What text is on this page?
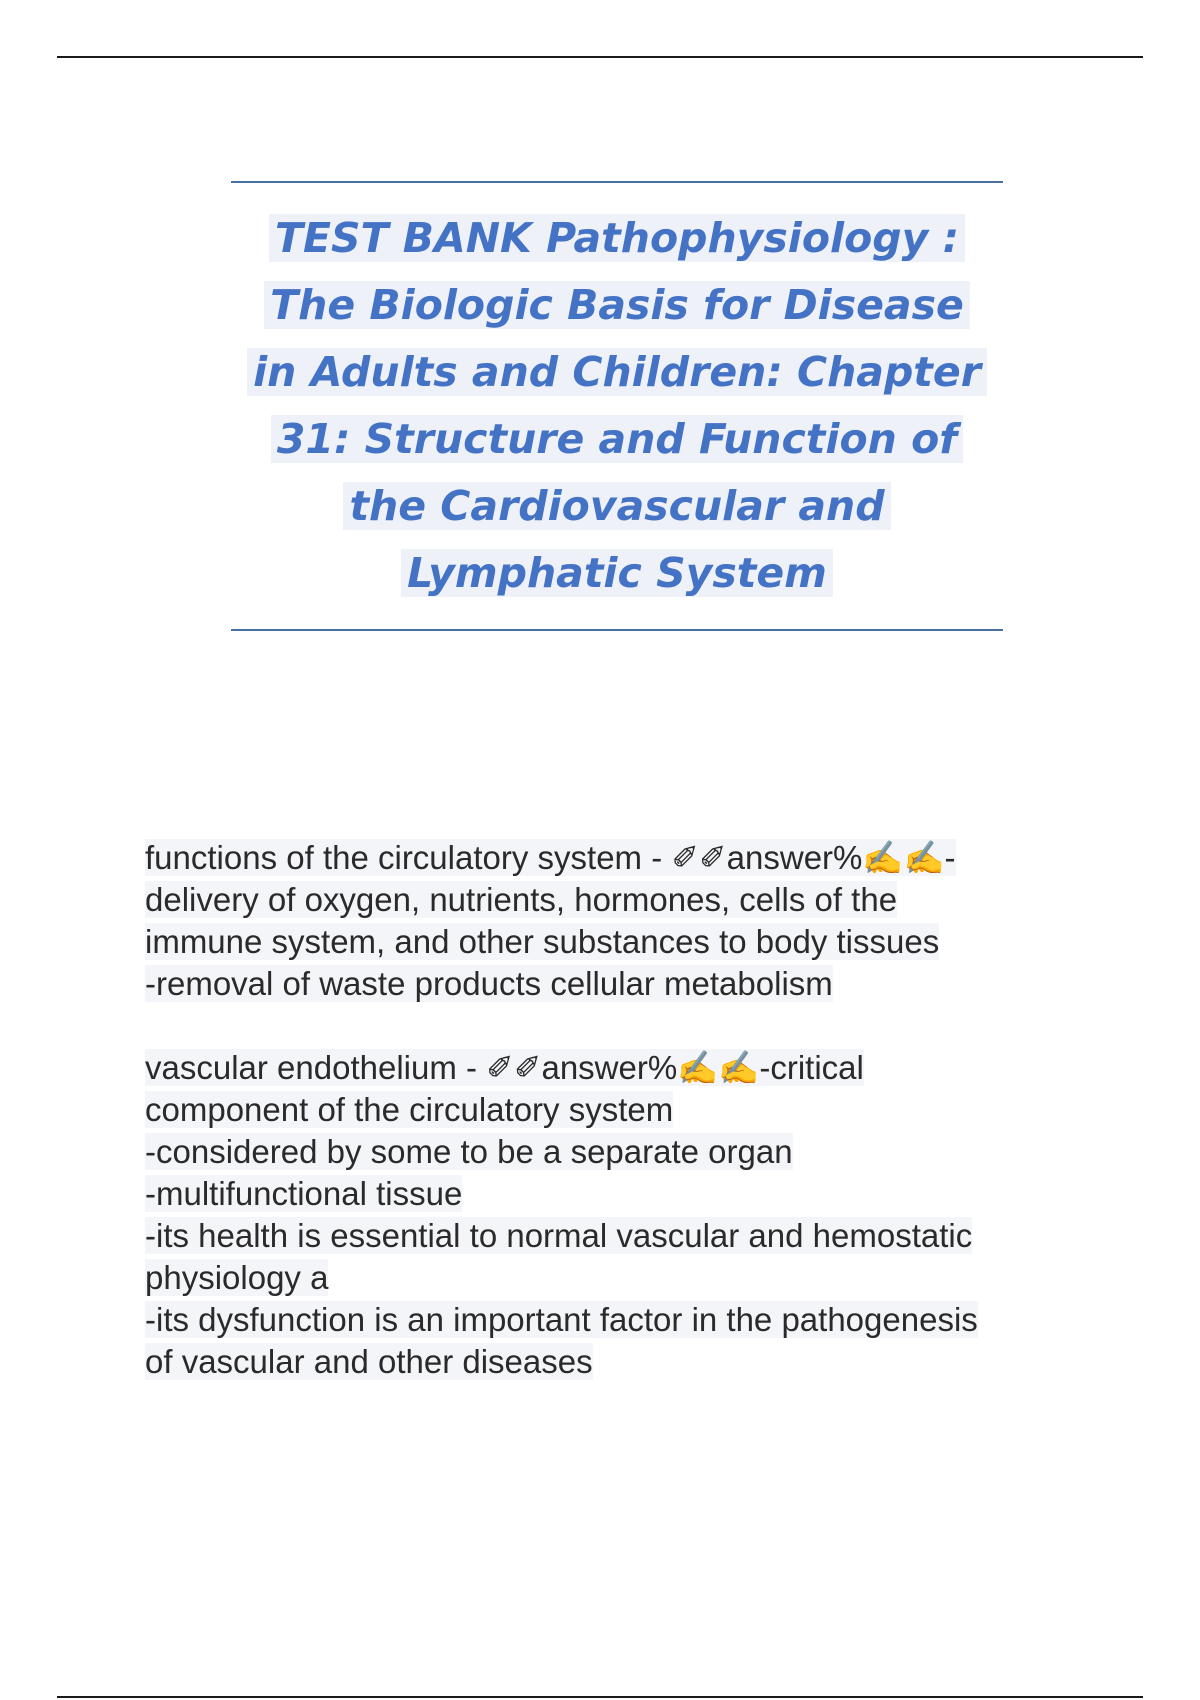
TEST BANK Pathophysiology :
The Biologic Basis for Disease
in Adults and Children: Chapter
31: Structure and Function of
the Cardiovascular and
Lymphatic System
functions of the circulatory system - ✐✐answer%✍✍-
delivery of oxygen, nutrients, hormones, cells of the
immune system, and other substances to body tissues
-removal of waste products cellular metabolism
vascular endothelium - ✐✐answer%✍✍-critical
component of the circulatory system
-considered by some to be a separate organ
-multifunctional tissue
-its health is essential to normal vascular and hemostatic
physiology a
-its dysfunction is an important factor in the pathogenesis
of vascular and other diseases
